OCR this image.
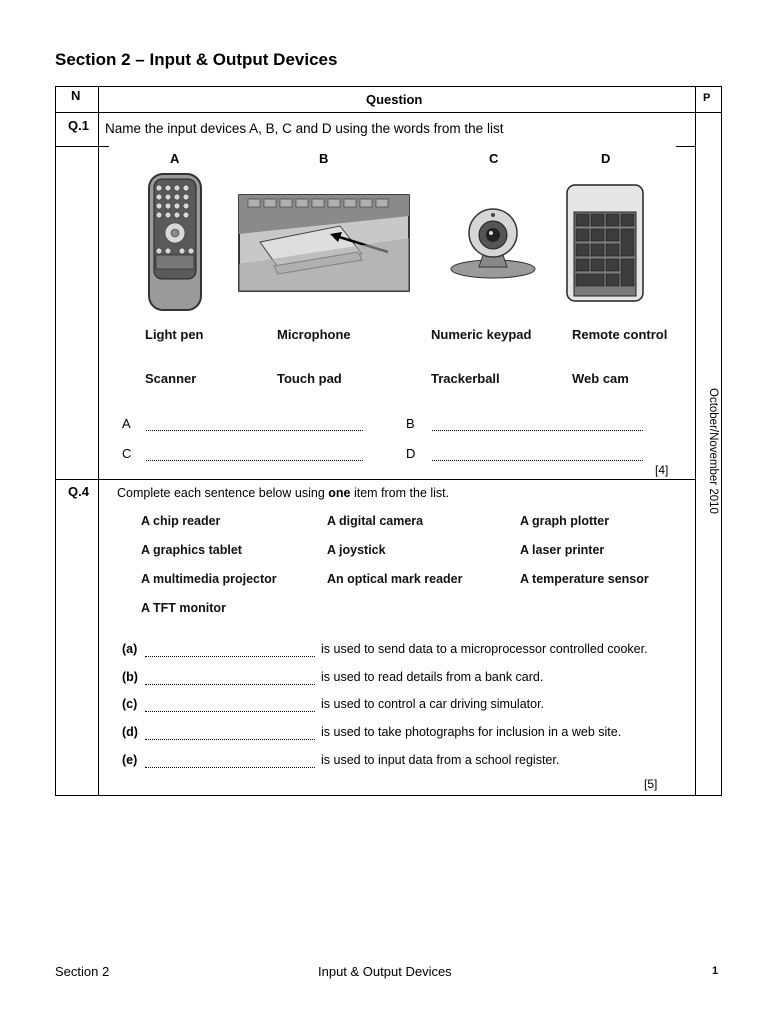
Section 2 – Input & Output Devices
N	Question	P
October/November 2010
Q.1 Name the input devices A, B, C and D using the words from the list
A	B	C	D
Light pen	Microphone	Numeric keypad	Remote control
Scanner	Touch pad	Trackerball	Web cam
A	B
C	D
[4]
Q.4 Complete each sentence below using one item from the list.
A chip reader	A digital camera	A graph plotter
A graphics tablet	A joystick	A laser printer
A multimedia projector	An optical mark reader	A temperature sensor
A TFT monitor
(a)	is used to send data to a microprocessor controlled cooker.
(b)	is used to read details from a bank card.
(c)	is used to control a car driving simulator.
(d)	is used to take photographs for inclusion in a web site.
(e)	is used to input data from a school register.
[5]
Section 2	Input & Output Devices	1
